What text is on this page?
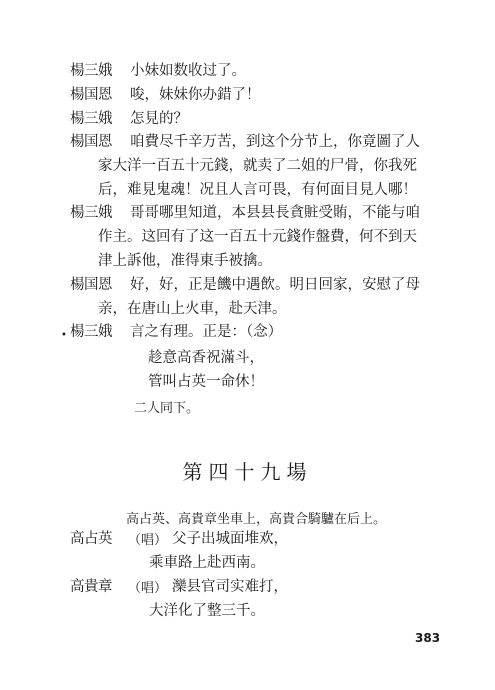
楊三娥	小妹如数收过了。
楊国恩	唆，妹妹你办錯了！
楊三娥	怎見的？
楊国恩	咱費尽千辛万苦，到这个分节上，你竟圖了人
家大洋一百五十元錢，就卖了二姐的尸骨，你我死
后，难見鬼魂！况且人言可畏，有何面目見人哪！
楊三娥	哥哥哪里知道，本县县長貪賍受賄，不能与咱
作主。这回有了这一百五十元錢作盤費，何不到天
津上訴他，准得東手被擒。
楊国恩	好，好，正是饑中遇飲。明日回家，安慰了母
亲，在唐山上火車，赴天津。
• 楊三娥	言之有理。正是：（念）
趁意高香祝滿斗，
管叫占英一命休！
二人同下。
第四十九場
高占英、高貴章坐車上，高貴合騎驢在后上。
高占英	（唱） 父子出城面堆欢，
乘車路上赴西南。
高貴章	（唱） 灤县官司实难打，
大洋化了整三千。
383
